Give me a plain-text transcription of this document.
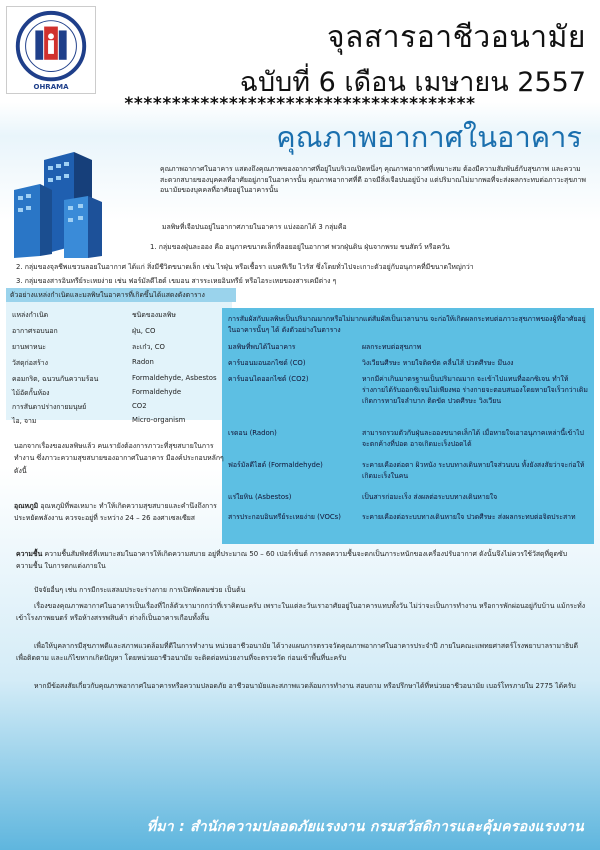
OHRAMA
จุลสารอาชีวอนามัย
ฉบับที่ 6 เดือน เมษายน 2557
*************************************
คุณภาพอากาศในอาคาร
คุณภาพอากาศในอาคาร แสดงถึงคุณภาพของอากาศที่อยู่ในบริเวณปิดหนึ่งๆ คุณภาพอากาศที่เหมาะสม ต้องมีความสัมพันธ์กับสุขภาพ และความสะดวกสบายของบุคคลที่อาศัยอยู่ภายในอาคารนั้น คุณภาพอากาศที่ดี อาจมีสิ่งเจือปนอยู่บ้าง แต่ปริมาณไม่มากพอที่จะส่งผลกระทบต่อภาวะสุขภาพอนามัยของบุคคลที่อาศัยอยู่ในอาคารนั้น
มลพิษที่เจือปนอยู่ในอากาศภายในอาคาร แบ่งออกได้ 3 กลุ่มคือ
1. กลุ่มของฝุ่นละออง คือ อนุภาคขนาดเล็กที่ลอยอยู่ในอากาศ พวกฝุ่นดิน ฝุ่นจากพรม ขนสัตว์ หรือควัน
2. กลุ่มของจุลชีพแขวนลอยในอากาศ ได้แก่ สิ่งมีชีวิตขนาดเล็ก เช่น ไรฝุ่น หรือเชื้อรา แบคทีเรีย ไวรัส ซึ่งโดยทั่วไปจะเกาะตัวอยู่กับอนุภาคที่มีขนาดใหญ่กว่า
3. กลุ่มของสารอินทรีย์ระเหยง่าย เช่น ฟอร์มัลดีไฮด์ เขมอน สารระเหยอินทรีย์ หรือไอระเหยของสารเคมีต่าง ๆ
ตัวอย่างแหล่งกำเนิดและมลพิษในอาคารที่เกิดขึ้นได้แสดงดังตาราง
แหล่งกำเนิด	ชนิดของมลพิษ
อากาศรอบนอก	ฝุ่น, CO
ยานพาหนะ	ละเก๋ว, CO
วัสดุก่อสร้าง	Radon
คอมกริต, ฉนวนกันความร้อน	Formaldehyde, Asbestos
ไม้อัดกั้นห้อง	Formaldehyde
การสันดาปร่างกายมนุษย์	CO2
ไอ, จาม	Micro-organism
การสัมผัสกับมลพิษเป็นปริมาณมากหรือไม่มากแต่สัมผัสเป็นเวลานาน จะก่อให้เกิดผลกระทบต่อภาวะสุขภาพของผู้ที่อาศัยอยู่ในอาคารนั้นๆ ได้ ดังตัวอย่างในตาราง
มลพิษที่พบได้ในอาคาร	ผลกระทบต่อสุขภาพ
คาร์บอนมอนอกไซด์ (CO)	วิงเวียนศีรษะ หายใจติดขัด คลื่นไส้ ปวดศีรษะ มึนงง
คาร์บอนไดออกไซด์ (CO2)	หากมีค่าเกินมาตรฐานเป็นปริมาณมาก จะเข้าไปแทนที่ออกซิเจน ทำให้ร่างกายได้รับออกซิเจนไม่เพียงพอ ร่างกายจะตอบสนองโดยหายใจเร็วกว่าเดิม เกิดการหายใจลำบาก ติดขัด ปวดศีรษะ วิงเวียน
เรดอน (Radon)	สามารถรวมตัวกับฝุ่นละอองขนาดเล็กได้ เมื่อหายใจเอาอนุภาคเหล่านี้เข้าไป จะตกค้างที่ปอด อาจเกิดมะเร็งปอดได้
ฟอร์มัลดีไฮด์ (Formaldehyde)	ระคายเคืองต่อตา ผิวหนัง ระบบทางเดินหายใจส่วนบน ทั้งยังสงสัยว่าจะก่อให้เกิดมะเร็งในคน
แร่ใยหิน (Asbestos)	เป็นสารก่อมะเร็ง ส่งผลต่อระบบทางเดินหายใจ
สารประกอบอินทรีย์ระเหยง่าย (VOCs)	ระคายเคืองต่อระบบทางเดินหายใจ ปวดศีรษะ ส่งผลกระทบต่อจิตประสาท
นอกจากเรื่องของมลพิษแล้ว คนเรายังต้องการภาวะที่สุขสบายในการทำงาน ซึ่งภาวะความสุขสบายของอากาศในอาคาร มีองค์ประกอบหลักๆ ดังนี้
อุณหภูมิ อุณหภูมิที่พอเหมาะ ทำให้เกิดความสุขสบายและคำนึงถึงการประหยัดพลังงาน ควรจะอยู่ที่ ระหว่าง 24 – 26 องศาเซลเซียส
ความชื้น ความชื้นสัมพัทธ์ที่เหมาะสมในอาคารให้เกิดความสบาย อยู่ที่ประมาณ 50 – 60 เปอร์เซ็นต์ การลดความชื้นจะตกเป็นภาระหนักของเครื่องปรับอากาศ ดังนั้นจึงไม่ควรใช้วัสดุที่ดูดซับความชื้น ในการตกแต่งภายใน
ปัจจัยอื่นๆ เช่น การมีกระแสลมประจะร่างกาย การเปิดพัดลมช่วย เป็นต้น
เรื่องของคุณภาพอากาศในอาคารเป็นเรื่องที่ใกล้ตัวเรามากกว่าที่เราคิดนะครับ เพราะในแต่ละวันเราอาศัยอยู่ในอาคารแทบทั้งวัน ไม่ว่าจะเป็นการทำงาน หรือการพักผ่อนอยู่กับบ้าน แม้กระทั่งเข้าโรงภาพยนตร์ หรือห้างสรรพสินค้า ต่างก็เป็นอาคารเกือบทั้งสิ้น
เพื่อให้บุคลากรมีสุขภาพดีและสภาพแวดล้อมที่ดีในการทำงาน หน่วยอาชีวอนามัย ได้วางแผนการตรวจวัดคุณภาพอากาศในอาคารประจำปี ภายในคณะแพทยศาสตร์โรงพยาบาลรามาธิบดี เพื่อติดตาม และแก้ไขหากเกิดปัญหา โดยหน่วยอาชีวอนามัย จะติดต่อหน่วยงานที่จะตรวจวัด ก่อนเข้าพื้นที่นะครับ
หากมีข้อสงสัยเกี่ยวกับคุณภาพอากาศในอาคารหรือความปลอดภัย อาชีวอนามัยและสภาพแวดล้อมการทำงาน สอบถาม หรือปรึกษาได้ที่หน่วยอาชีวอนามัย เบอร์โทรภายใน 2775 ได้ครับ
ที่มา : สำนักความปลอดภัยแรงงาน กรมสวัสดิการและคุ้มครองแรงงาน
